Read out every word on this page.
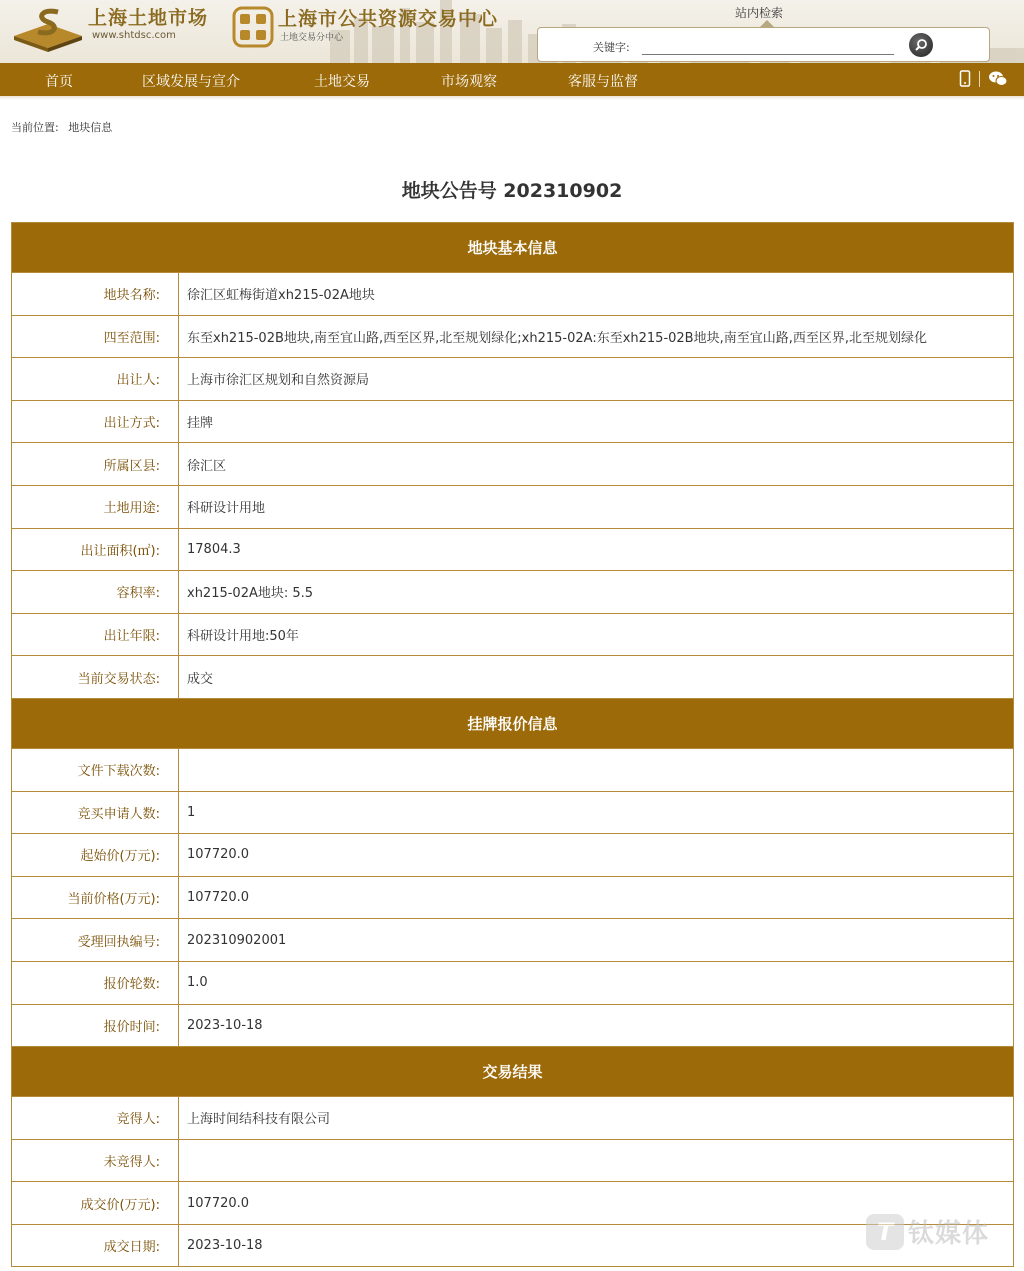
上海土地市场
www.shtdsc.com
上海市公共资源交易中心
土地交易分中心
站内检索
关键字:
首页	区域发展与宣介	土地交易	市场观察	客服与监督
当前位置: 地块信息
地块公告号 202310902
地块基本信息	
地块名称:	徐汇区虹梅街道xh215-02A地块
四至范围:	东至xh215-02B地块,南至宜山路,西至区界,北至规划绿化;xh215-02A:东至xh215-02B地块,南至宜山路,西至区界,北至规划绿化
出让人:	上海市徐汇区规划和自然资源局
出让方式:	挂牌
所属区县:	徐汇区
土地用途:	科研设计用地
出让面积(㎡):	17804.3
容积率:	xh215-02A地块: 5.5
出让年限:	科研设计用地:50年
当前交易状态:	成交
挂牌报价信息	
文件下载次数:	
竞买申请人数:	1
起始价(万元):	107720.0
当前价格(万元):	107720.0
受理回执编号:	202310902001
报价轮数:	1.0
报价时间:	2023-10-18
交易结果	
竞得人:	上海时间结科技有限公司
未竞得人:	
成交价(万元):	107720.0
成交日期:	2023-10-18
T 钛媒体
